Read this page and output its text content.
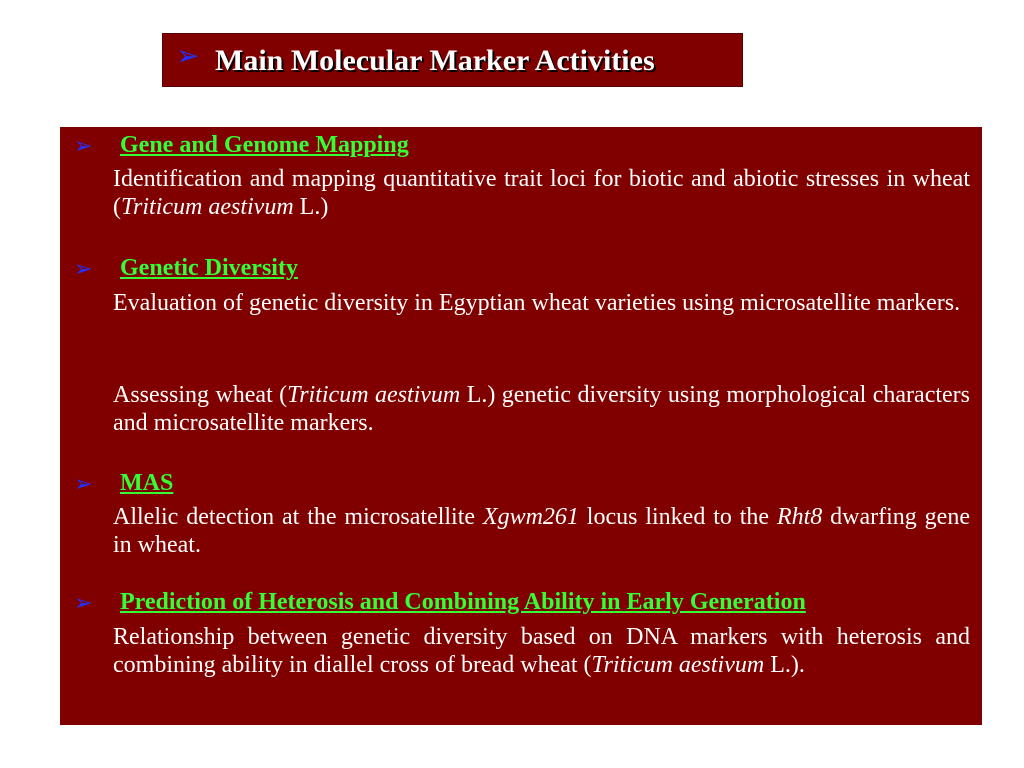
➢ Main Molecular Marker Activities
➢ Gene and Genome Mapping
Identification and mapping quantitative trait loci for biotic and abiotic stresses in wheat (Triticum aestivum L.)
➢ Genetic Diversity
Evaluation of genetic diversity in Egyptian wheat varieties using microsatellite markers.
Assessing wheat (Triticum aestivum L.) genetic diversity using morphological characters and microsatellite markers.
➢ MAS
Allelic detection at the microsatellite Xgwm261 locus linked to the Rht8 dwarfing gene in wheat.
➢ Prediction of Heterosis and Combining Ability in Early Generation
Relationship between genetic diversity based on DNA markers with heterosis and combining ability in diallel cross of bread wheat (Triticum aestivum L.).
